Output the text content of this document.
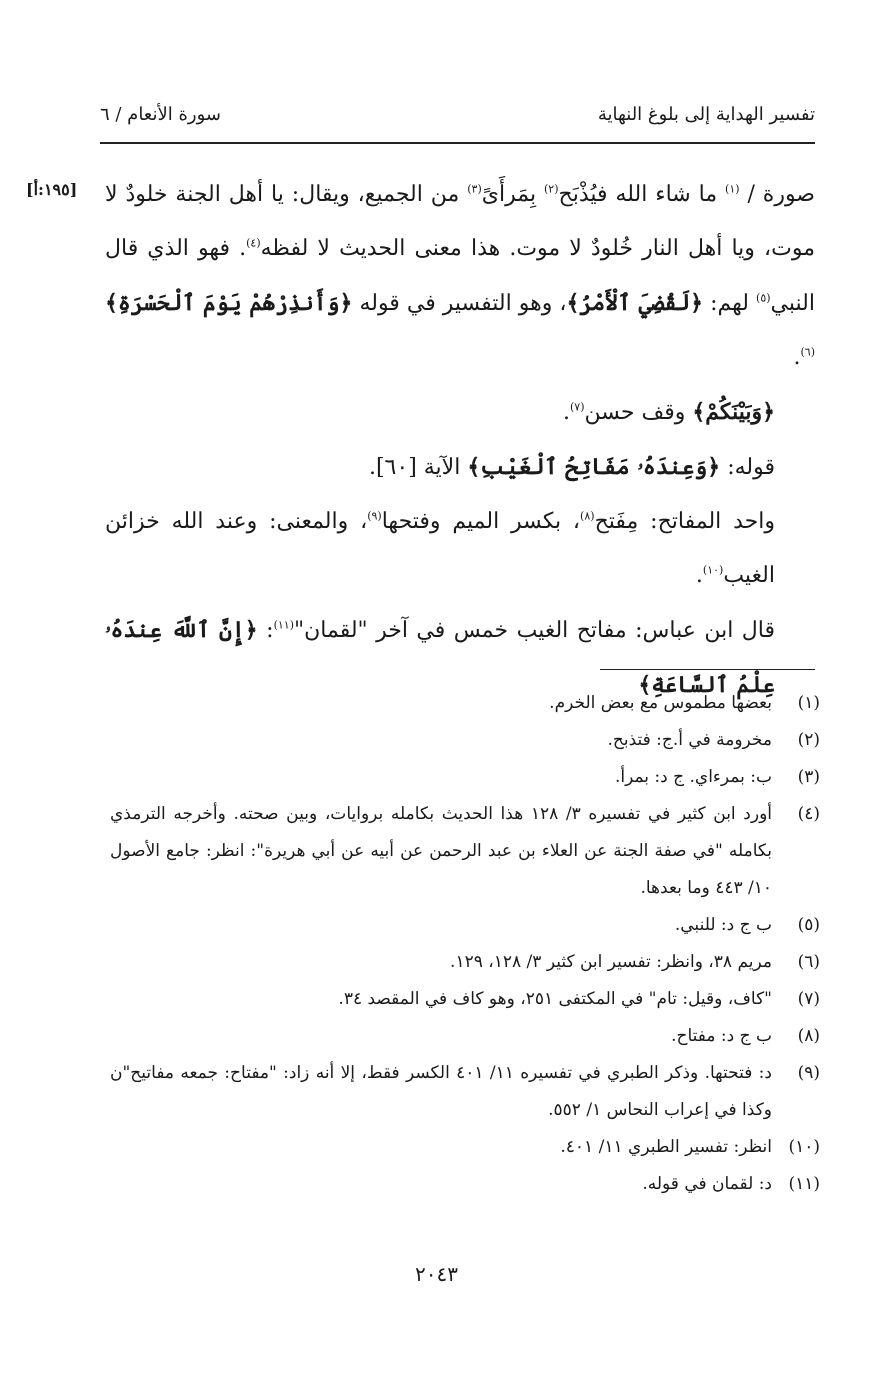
تفسير الهداية إلى بلوغ النهاية
سورة الأنعام / ٦
[١٩٥:أ]	صورة / $^{(١)}$ ما شاء الله فيُذْبَح$^{(٢)}$ بِمَرأَىً$^{(٣)}$ من الجميع، ويقال: يا أهل الجنة خلودٌ لا موت، ويا أهل النار خُلودٌ لا موت. هذا معنى الحديث لا لفظه$^{(٤)}$. فهو الذي قال النبي$^{(٥)}$ لهم: ﴿لَقُضِيَ ٱلْأَمْرُ﴾، وهو التفسير في قوله ﴿وَأَنذِرْهُمْ يَوْمَ ٱلْحَسْرَةِ﴾$^{(٦)}$.

﴿وَبَيْنَكُمْ﴾ وقف حسن$^{(٧)}$.

قوله: ﴿وَعِندَهُۥ مَفَاتِحُ ٱلْغَيْبِ﴾ الآية [٦٠].

واحد المفاتح: مِفَتح$^{(٨)}$، بكسر الميم وفتحها$^{(٩)}$، والمعنى: وعند الله خزائن الغيب$^{(١٠)}$.

قال ابن عباس: مفاتح الغيب خمس في آخر "لقمان"$^{(١١)}$: ﴿إِنَّ ٱللَّهَ عِندَهُۥ عِلْمُ ٱلسَّاعَةِ﴾

(١)
بعضها مطموس مع بعض الخرم.
(٢)
مخرومة في أ.ج: فتذبح.
(٣)
ب: بمرءاي. ج د: بمرأ.
(٤)
أورد ابن كثير في تفسيره ٣/ ١٢٨ هذا الحديث بكامله بروايات، وبين صحته. وأخرجه الترمذي بكامله "في صفة الجنة عن العلاء بن عبد الرحمن عن أبيه عن أبي هريرة": انظر: جامع الأصول ١٠/ ٤٤٣ وما بعدها.
(٥)
ب ج د: للنبي.
(٦)
مريم ٣٨، وانظر: تفسير ابن كثير ٣/ ١٢٨، ١٢٩.
(٧)
"كاف، وقيل: تام" في المكتفى ٢٥١، وهو كاف في المقصد ٣٤.
(٨)
ب ج د: مفتاح.
(٩)
د: فتحتها. وذكر الطبري في تفسيره ١١/ ٤٠١ الكسر فقط، إلا أنه زاد: "مفتاح: جمعه مفاتيح"ن وكذا في إعراب النحاس ١/ ٥٥٢.
(١٠)
انظر: تفسير الطبري ١١/ ٤٠١.
(١١)
د: لقمان في قوله.
٢٠٤٣
